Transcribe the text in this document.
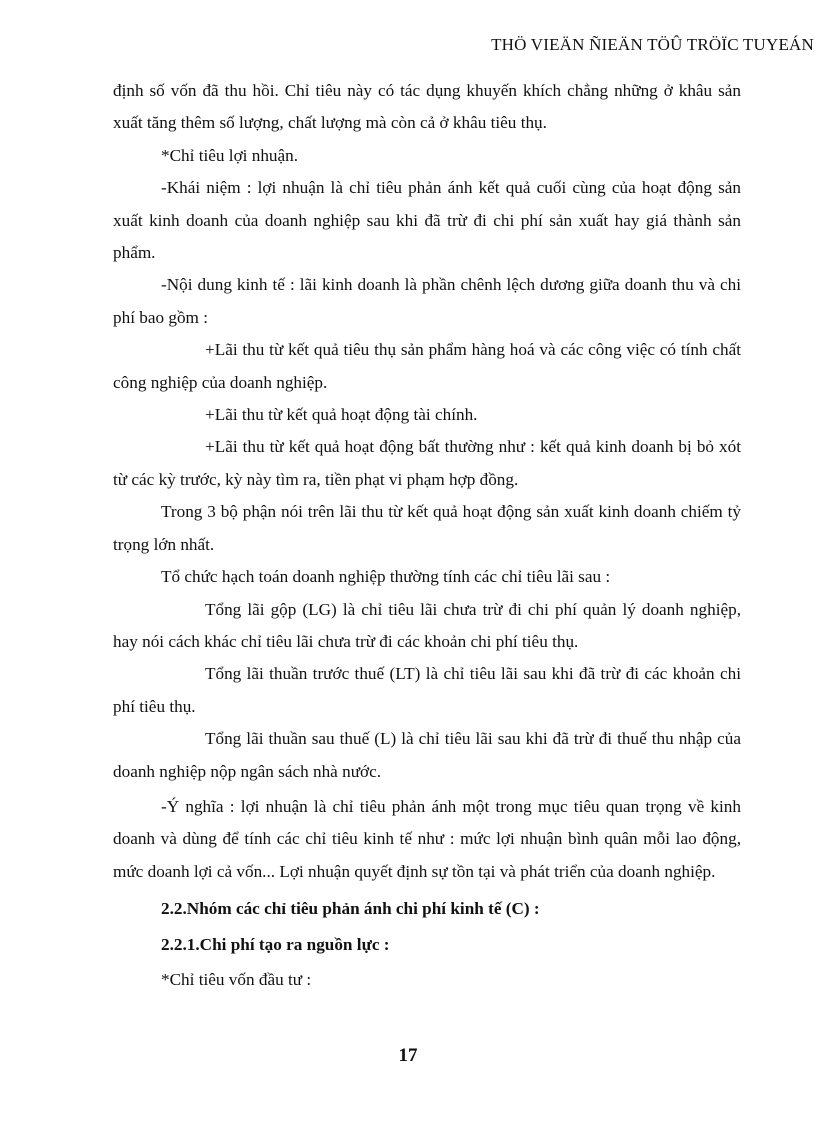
THÖ VIEÄN ÑIEÄN TÖÛ TRÖÏC TUYEÁN

định số vốn đã thu hồi. Chỉ tiêu này có tác dụng khuyến khích chẳng những ở khâu sản xuất tăng thêm số lượng, chất lượng mà còn cả ở khâu tiêu thụ.

*Chỉ tiêu lợi nhuận.

-Khái niệm : lợi nhuận là chỉ tiêu phản ánh kết quả cuối cùng của hoạt động sản xuất kinh doanh của doanh nghiệp sau khi đã trừ đi chi phí sản xuất hay giá thành sản phẩm.

-Nội dung kinh tế : lãi kinh doanh là phần chênh lệch dương giữa doanh thu và chi phí bao gồm :

+Lãi thu từ kết quả tiêu thụ sản phẩm hàng hoá và các công việc có tính chất công nghiệp của doanh nghiệp.

+Lãi thu từ kết quả hoạt động tài chính.

+Lãi thu từ kết quả hoạt động bất thường như : kết quả kinh doanh bị bỏ xót từ các kỳ trước, kỳ này tìm ra, tiền phạt vi phạm hợp đồng.

Trong 3 bộ phận nói trên lãi thu từ kết quả hoạt động sản xuất kinh doanh chiếm tỷ trọng lớn nhất.

Tổ chức hạch toán doanh nghiệp thường tính các chỉ tiêu lãi sau :

Tổng lãi gộp (LG) là chỉ tiêu lãi chưa trừ đi chi phí quản lý doanh nghiệp, hay nói cách khác chỉ tiêu lãi chưa trừ đi các khoản chi phí tiêu thụ.

Tổng lãi thuần trước thuế (LT) là chỉ tiêu lãi sau khi đã trừ đi các khoản chi phí tiêu thụ.

Tổng lãi thuần sau thuế (L) là chỉ tiêu lãi sau khi đã trừ đi thuế thu nhập của doanh nghiệp nộp ngân sách nhà nước.

-Ý nghĩa : lợi nhuận là chỉ tiêu phản ánh một trong mục tiêu quan trọng về kinh doanh và dùng để tính các chỉ tiêu kinh tế như : mức lợi nhuận bình quân mỗi lao động, mức doanh lợi cả vốn... Lợi nhuận quyết định sự tồn tại và phát triển của doanh nghiệp.

2.2.Nhóm các chỉ tiêu phản ánh chi phí kinh tế (C) :

2.2.1.Chi phí tạo ra nguồn lực :

*Chỉ tiêu vốn đầu tư :

17
